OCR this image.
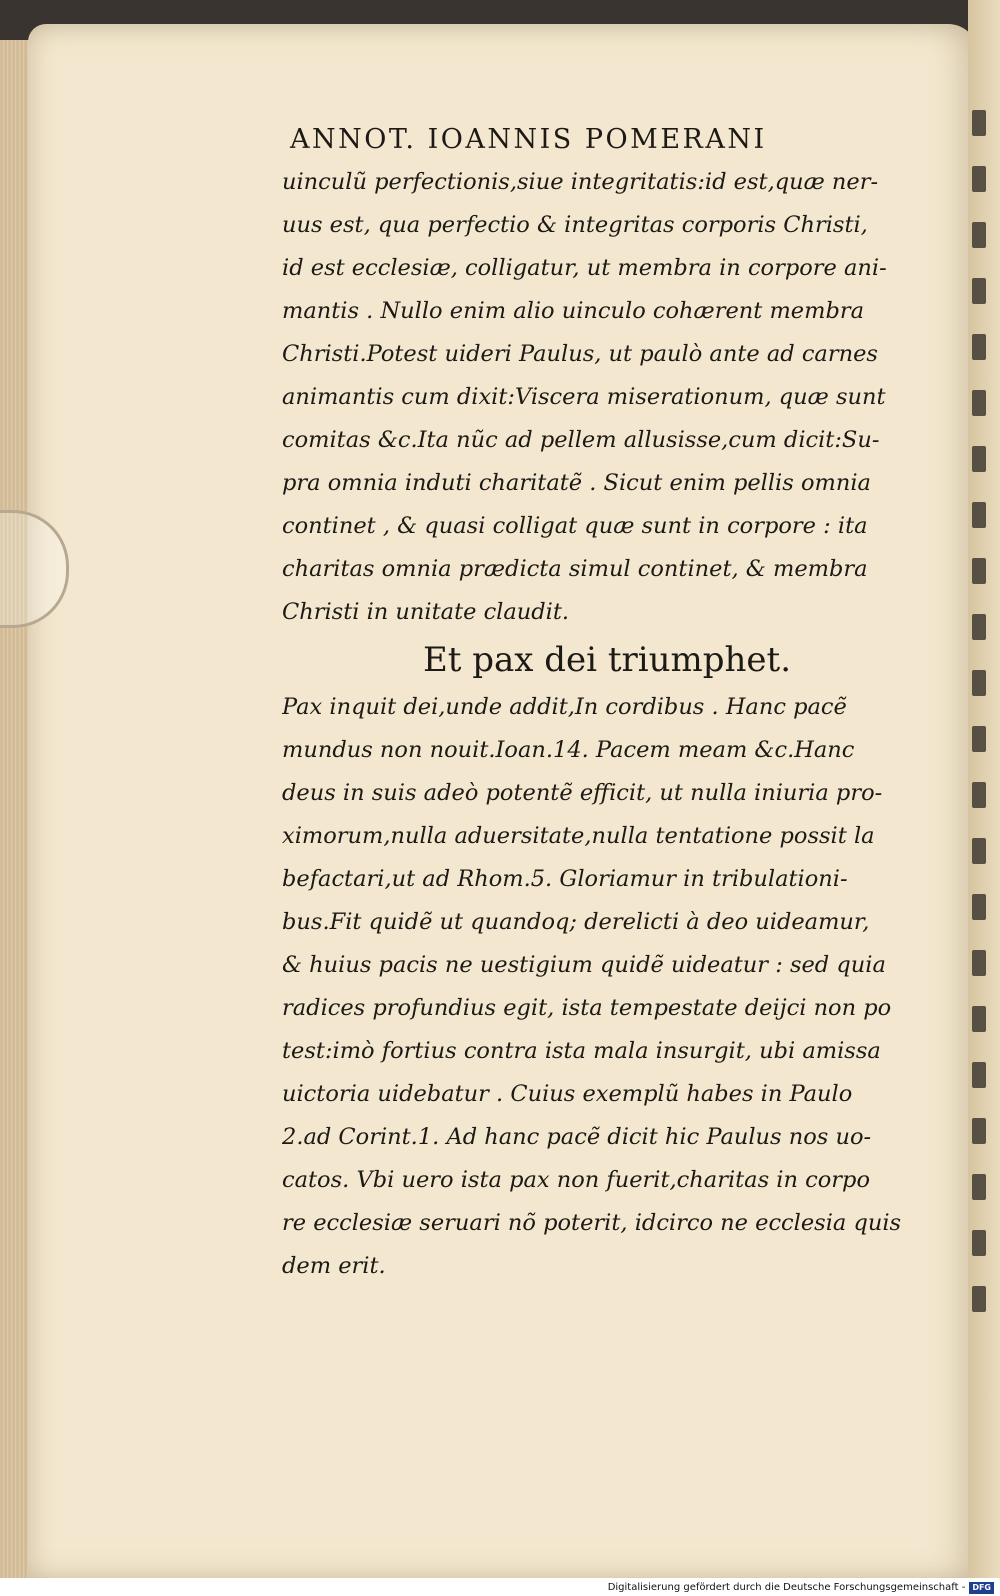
ANNOT. IOANNIS POMERANI
uinculũ perfectionis,siue integritatis:id est,quæ ner-
uus est, qua perfectio & integritas corporis Christi,
id est ecclesiæ, colligatur, ut membra in corpore ani-
mantis . Nullo enim alio uinculo cohærent membra
Christi.Potest uideri Paulus, ut paulò ante ad carnes
animantis cum dixit:Viscera miserationum, quæ sunt
comitas &c.Ita nũc ad pellem allusisse,cum dicit:Su-
pra omnia induti charitatẽ . Sicut enim pellis omnia
continet , & quasi colligat quæ sunt in corpore : ita
charitas omnia prædicta simul continet, & membra
Christi in unitate claudit.
Et pax dei triumphet.
Pax inquit dei,unde addit,In cordibus . Hanc pacẽ
mundus non nouit.Ioan.14. Pacem meam &c.Hanc
deus in suis adeò potentẽ efficit, ut nulla iniuria pro-
ximorum,nulla aduersitate,nulla tentatione possit la
befactari,ut ad Rhom.5. Gloriamur in tribulationi-
bus.Fit quidẽ ut quandoq; derelicti à deo uideamur,
& huius pacis ne uestigium quidẽ uideatur : sed quia
radices profundius egit, ista tempestate deijci non po
test:imò fortius contra ista mala insurgit, ubi amissa
uictoria uidebatur . Cuius exemplũ habes in Paulo
2.ad Corint.1. Ad hanc pacẽ dicit hic Paulus nos uo-
catos. Vbi uero ista pax non fuerit,charitas in corpo
re ecclesiæ seruari nõ poterit, idcirco ne ecclesia quis
dem erit.
Digitalisierung gefördert durch die Deutsche Forschungsgemeinschaft - DFG
